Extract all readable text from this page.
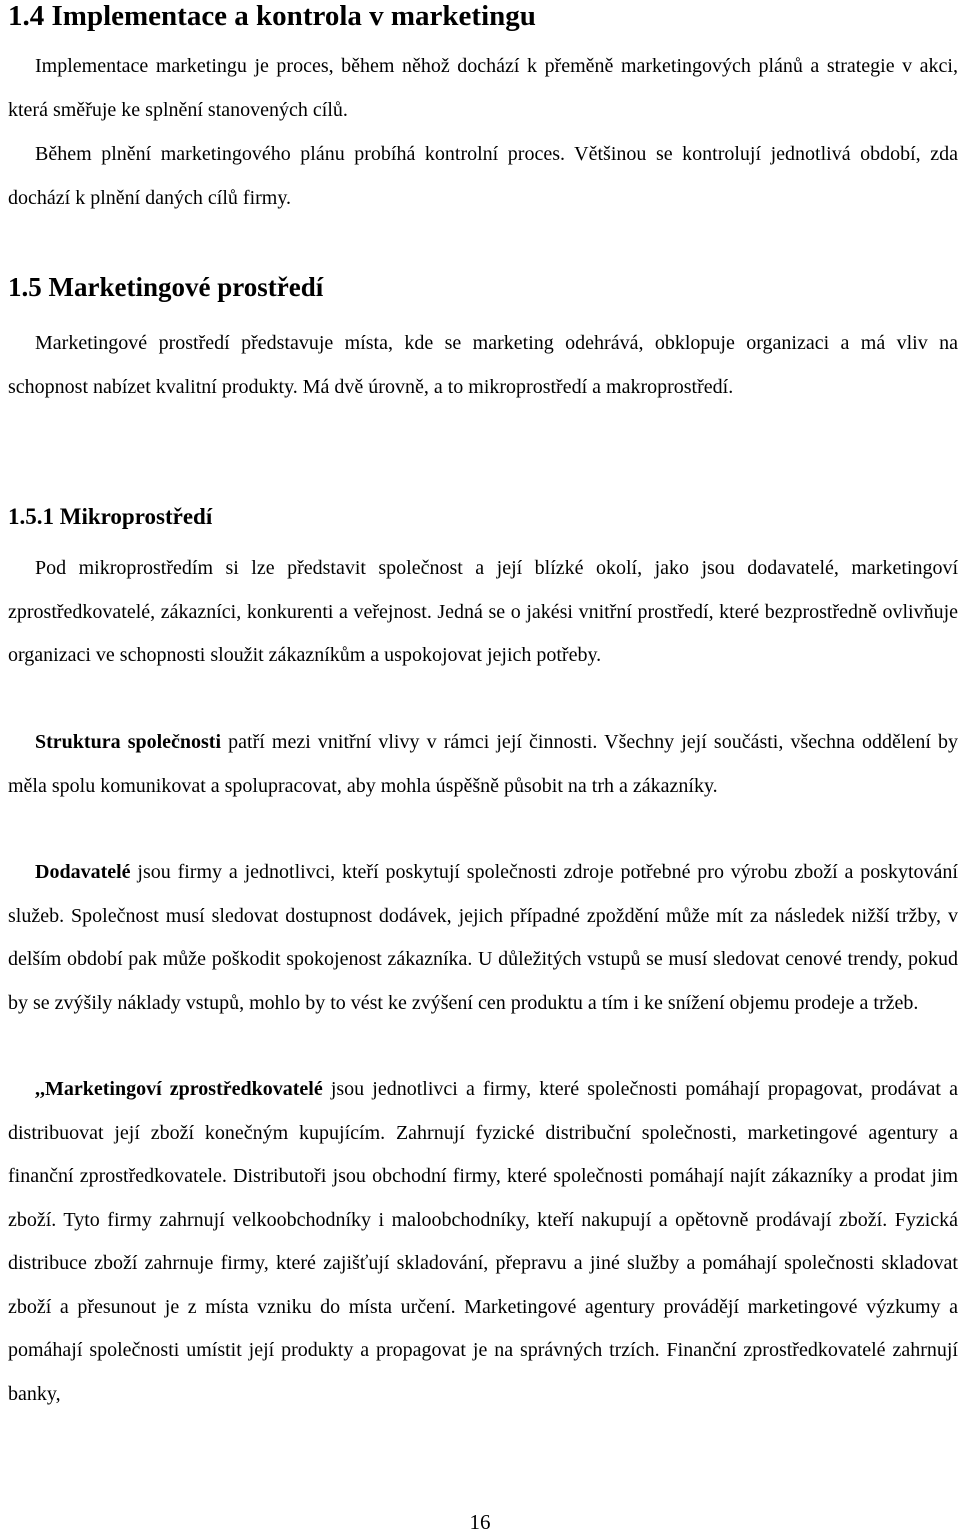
1.4 Implementace a kontrola v marketingu

Implementace marketingu je proces, během něhož dochází k přeměně marketingových plánů a strategie v akci, která směřuje ke splnění stanovených cílů.

Během plnění marketingového plánu probíhá kontrolní proces. Většinou se kontrolují jednotlivá období, zda dochází k plnění daných cílů firmy.

1.5 Marketingové prostředí

Marketingové prostředí představuje místa, kde se marketing odehrává, obklopuje organizaci a má vliv na schopnost nabízet kvalitní produkty. Má dvě úrovně, a to mikroprostředí a makroprostředí.

1.5.1 Mikroprostředí

Pod mikroprostředím si lze představit společnost a její blízké okolí, jako jsou dodavatelé, marketingoví zprostředkovatelé, zákazníci, konkurenti a veřejnost. Jedná se o jakési vnitřní prostředí, které bezprostředně ovlivňuje organizaci ve schopnosti sloužit zákazníkům a uspokojovat jejich potřeby.

Struktura společnosti patří mezi vnitřní vlivy v rámci její činnosti. Všechny její součásti, všechna oddělení by měla spolu komunikovat a spolupracovat, aby mohla úspěšně působit na trh a zákazníky.

Dodavatelé jsou firmy a jednotlivci, kteří poskytují společnosti zdroje potřebné pro výrobu zboží a poskytování služeb. Společnost musí sledovat dostupnost dodávek, jejich případné zpoždění může mít za následek nižší tržby, v delším období pak může poškodit spokojenost zákazníka. U důležitých vstupů se musí sledovat cenové trendy, pokud by se zvýšily náklady vstupů, mohlo by to vést ke zvýšení cen produktu a tím i ke snížení objemu prodeje a tržeb.

,,Marketingoví zprostředkovatelé jsou jednotlivci a firmy, které společnosti pomáhají propagovat, prodávat a distribuovat její zboží konečným kupujícím. Zahrnují fyzické distribuční společnosti, marketingové agentury a finanční zprostředkovatele. Distributoři jsou obchodní firmy, které společnosti pomáhají najít zákazníky a prodat jim zboží. Tyto firmy zahrnují velkoobchodníky i maloobchodníky, kteří nakupují a opětovně prodávají zboží. Fyzická distribuce zboží zahrnuje firmy, které zajišťují skladování, přepravu a jiné služby a pomáhají společnosti skladovat zboží a přesunout je z místa vzniku do místa určení. Marketingové agentury provádějí marketingové výzkumy a pomáhají společnosti umístit její produkty a propagovat je na správných trzích. Finanční zprostředkovatelé zahrnují banky,

16
